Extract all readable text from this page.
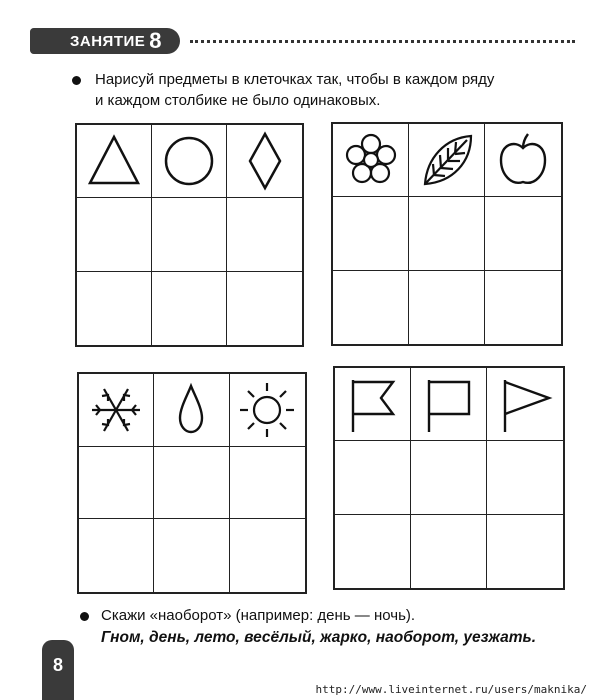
ЗАНЯТИЕ 8
Нарисуй предметы в клеточках так, чтобы в каждом ряду
и каждом столбике не было одинаковых.
Скажи «наоборот» (например: день — ночь).
Гном, день, лето, весёлый, жарко, наоборот, уезжать.
8
http://www.liveinternet.ru/users/maknika/
